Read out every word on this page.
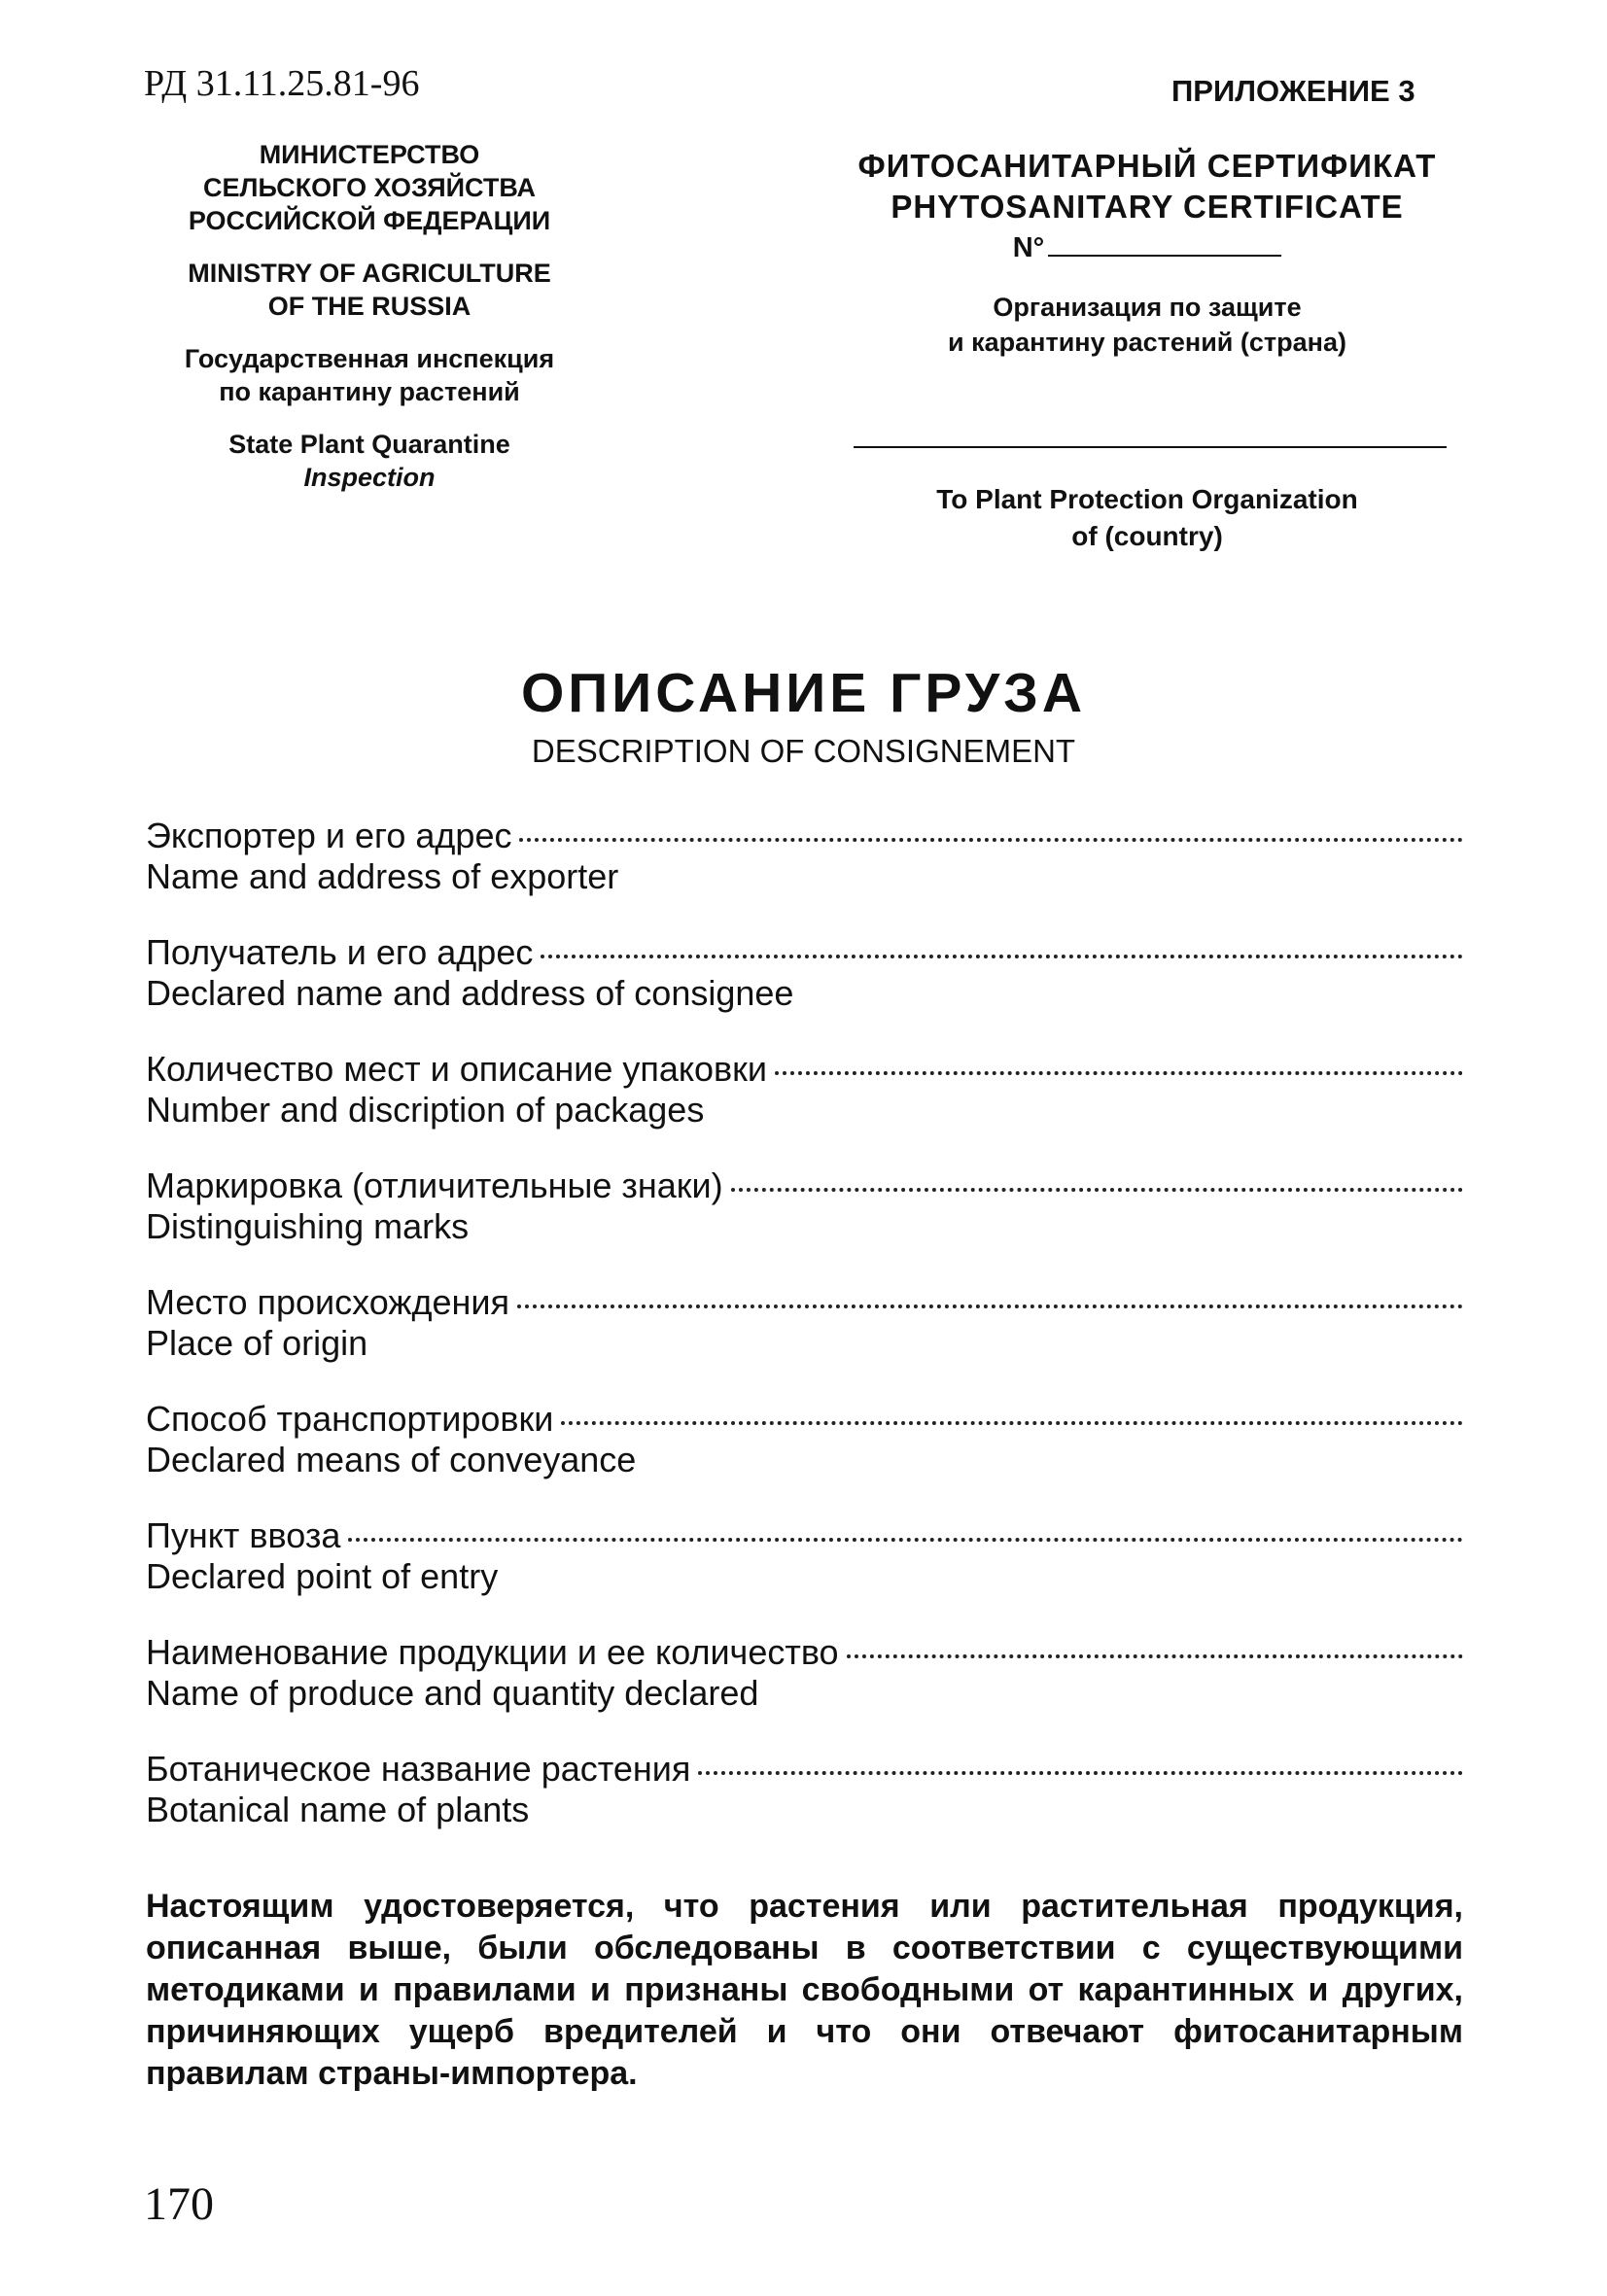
РД 31.11.25.81-96	ПРИЛОЖЕНИЕ 3
МИНИСТЕРСТВО
СЕЛЬСКОГО ХОЗЯЙСТВА
РОССИЙСКОЙ ФЕДЕРАЦИИ
MINISTRY OF AGRICULTURE
OF THE RUSSIA
Государственная инспекция
по карантину растений
State Plant Quarantine
Inspection
ФИТОСАНИТАРНЫЙ СЕРТИФИКАТ
PHYTOSANITARY CERTIFICATE
N°
Организация по защите
и карантину растений (страна)
To Plant Protection Organization
of (country)
ОПИСАНИЕ ГРУЗА
DESCRIPTION OF CONSIGNEMENT
Экспортер и его адрес
Name and address of exporter
Получатель и его адрес
Declared name and address of consignee
Количество мест и описание упаковки
Number and discription of packages
Маркировка (отличительные знаки)
Distinguishing marks
Место происхождения
Place of origin
Способ транспортировки
Declared means of conveyance
Пункт ввоза
Declared point of entry
Наименование продукции и ее количество
Name of produce and quantity declared
Ботаническое название растения
Botanical name of plants
Настоящим удостоверяется, что растения или растительная продукция, описанная выше, были обследованы в соответствии с существующими методиками и правилами и признаны свободными от карантинных и других, причиняющих ущерб вредителей и что они отвечают фитосанитарным правилам страны-импортера.
170
